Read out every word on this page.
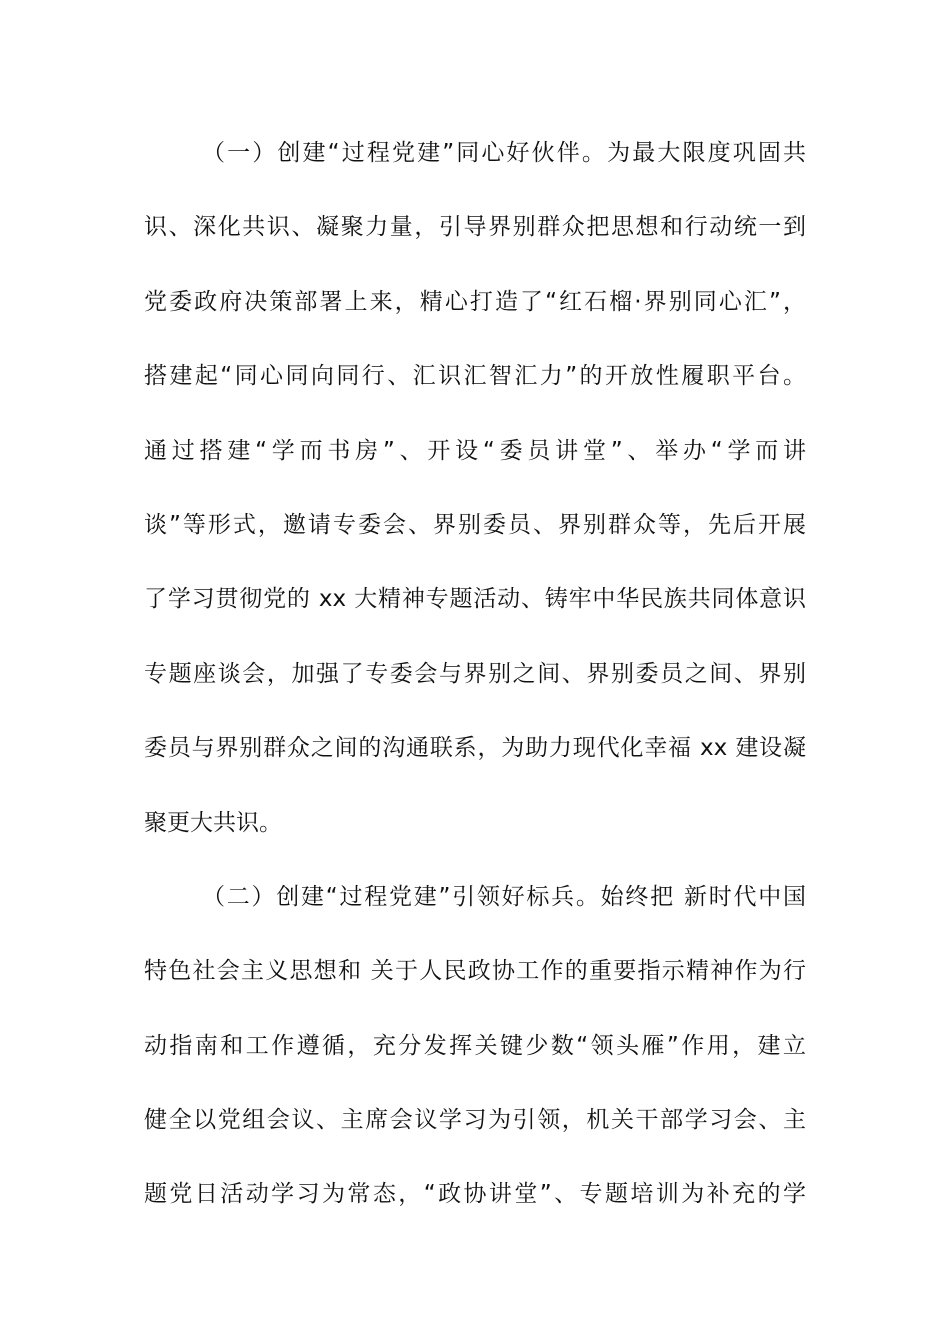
（一）创建“过程党建”同心好伙伴。为最大限度巩固共
识、深化共识、凝聚力量，引导界别群众把思想和行动统一到
党委政府决策部署上来，精心打造了“红石榴·界别同心汇”，
搭建起“同心同向同行、汇识汇智汇力”的开放性履职平台。
通过搭建“学而书房”、开设“委员讲堂”、举办“学而讲
谈”等形式，邀请专委会、界别委员、界别群众等，先后开展
了学习贯彻党的 xx 大精神专题活动、铸牢中华民族共同体意识
专题座谈会，加强了专委会与界别之间、界别委员之间、界别
委员与界别群众之间的沟通联系，为助力现代化幸福 xx 建设凝
聚更大共识。
（二）创建“过程党建”引领好标兵。始终把 新时代中国
特色社会主义思想和 关于人民政协工作的重要指示精神作为行
动指南和工作遵循，充分发挥关键少数“领头雁”作用，建立
健全以党组会议、主席会议学习为引领，机关干部学习会、主
题党日活动学习为常态，“政协讲堂”、专题培训为补充的学
